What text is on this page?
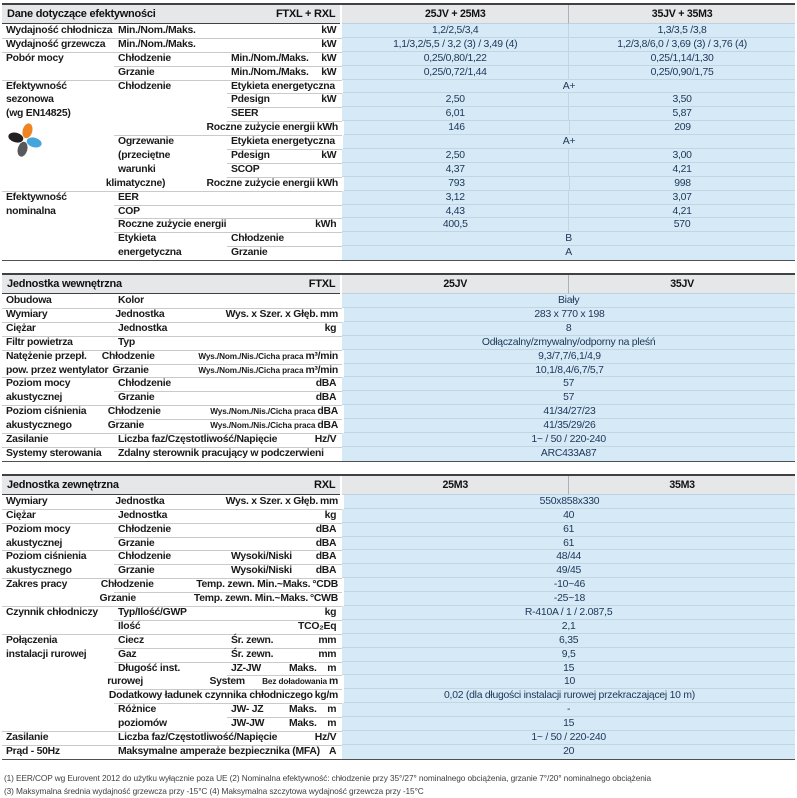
Dane dotyczące efektywności	FTXL + RXL	25JV + 25M3	35JV + 35M3
Wydajność chłodnicza Min./Nom./Maks.	kW	1,2/2,5/3,4	1,3/3,5 /3,8
Wydajność grzewcza	Min./Nom./Maks.	kW	1,1/3,2/5,5 / 3,2 (3) / 3,49 (4)	1,2/3,8/6,0 / 3,69 (3) / 3,76 (4)
Pobór mocy	Chłodzenie	Min./Nom./Maks. kW	0,25/0,80/1,22	0,25/1,14/1,30
Grzanie	Min./Nom./Maks. kW	0,25/0,72/1,44	0,25/0,90/1,75
Efektywność	Chłodzenie	Etykieta energetyczna	A+
sezonowa	Pdesign	kW	2,50	3,50
(wg EN14825)	SEER	6,01	5,87
Roczne zużycie energii kWh	146	209
Ogrzewanie	Etykieta energetyczna	A+
(przeciętne	Pdesign	kW	2,50	3,00
warunki	SCOP	4,37	4,21
klimatyczne)	Roczne zużycie energii kWh	793	998
Efektywność	EER	3,12	3,07
nominalna	COP	4,43	4,21
Roczne zużycie energii	kWh	400,5	570
Etykieta	Chłodzenie	B
energetyczna	Grzanie	A
Jednostka wewnętrzna	FTXL	25JV	35JV
Obudowa	Kolor	Biały
Wymiary	Jednostka	Wys. x Szer. x Głęb. mm	283 x 770 x 198
Ciężar	Jednostka	kg	8
Filtr powietrza	Typ	Odłączalny/zmywalny/odporny na pleśń
Natężenie przepł.	Chłodzenie	Wys./Nom./Nis./Cicha praca m³/min	9,3/7,7/6,1/4,9
pow. przez wentylator Grzanie	Wys./Nom./Nis./Cicha praca m³/min	10,1/8,4/6,7/5,7
Poziom mocy	Chłodzenie	dBA	57
akustycznej	Grzanie	dBA	57
Poziom ciśnienia	Chłodzenie	Wys./Nom./Nis./Cicha praca dBA	41/34/27/23
akustycznego	Grzanie	Wys./Nom./Nis./Cicha praca dBA	41/35/29/26
Zasilanie	Liczba faz/Częstotliwość/Napięcie	Hz/V	1~ / 50 / 220-240
Systemy sterowania	Zdalny sterownik pracujący w podczerwieni	ARC433A87
Jednostka zewnętrzna	RXL	25M3	35M3
Wymiary	Jednostka	Wys. x Szer. x Głęb. mm	550x858x330
Ciężar	Jednostka	kg	40
Poziom mocy	Chłodzenie	dBA	61
akustycznej	Grzanie	dBA	61
Poziom ciśnienia	Chłodzenie	Wysoki/Niski dBA	48/44
akustycznego	Grzanie	Wysoki/Niski dBA	49/45
Zakres pracy	Chłodzenie	Temp. zewn. Min.~Maks. °CDB	-10~46
Grzanie	Temp. zewn. Min.~Maks. °CWB	-25~18
Czynnik chłodniczy	Typ/Ilość/GWP	kg	R-410A / 1 / 2.087,5
Ilość	TCO₂Eq	2,1
Połączenia	Ciecz	Śr. zewn.	mm	6,35
instalacji rurowej	Gaz	Śr. zewn.	mm	9,5
Długość inst.	JZ-JW	Maks. m	15
rurowej	System	Bez doładowania m	10
Dodatkowy ładunek czynnika chłodniczego kg/m	0,02 (dla długości instalacji rurowej przekraczającej 10 m)
Różnice	JW- JZ	Maks. m	-
poziomów	JW-JW	Maks. m	15
Zasilanie	Liczba faz/Częstotliwość/Napięcie	Hz/V	1~ / 50 / 220-240
Prąd - 50Hz	Maksymalne amperaże bezpiecznika (MFA) A	20
(1) EER/COP wg Eurovent 2012 do użytku wyłącznie poza UE (2) Nominalna efektywność: chłodzenie przy 35°/27° nominalnego obciążenia, grzanie 7°/20° nominalnego obciążenia
(3) Maksymalna średnia wydajność grzewcza przy -15°C (4) Maksymalna szczytowa wydajność grzewcza przy -15°C
